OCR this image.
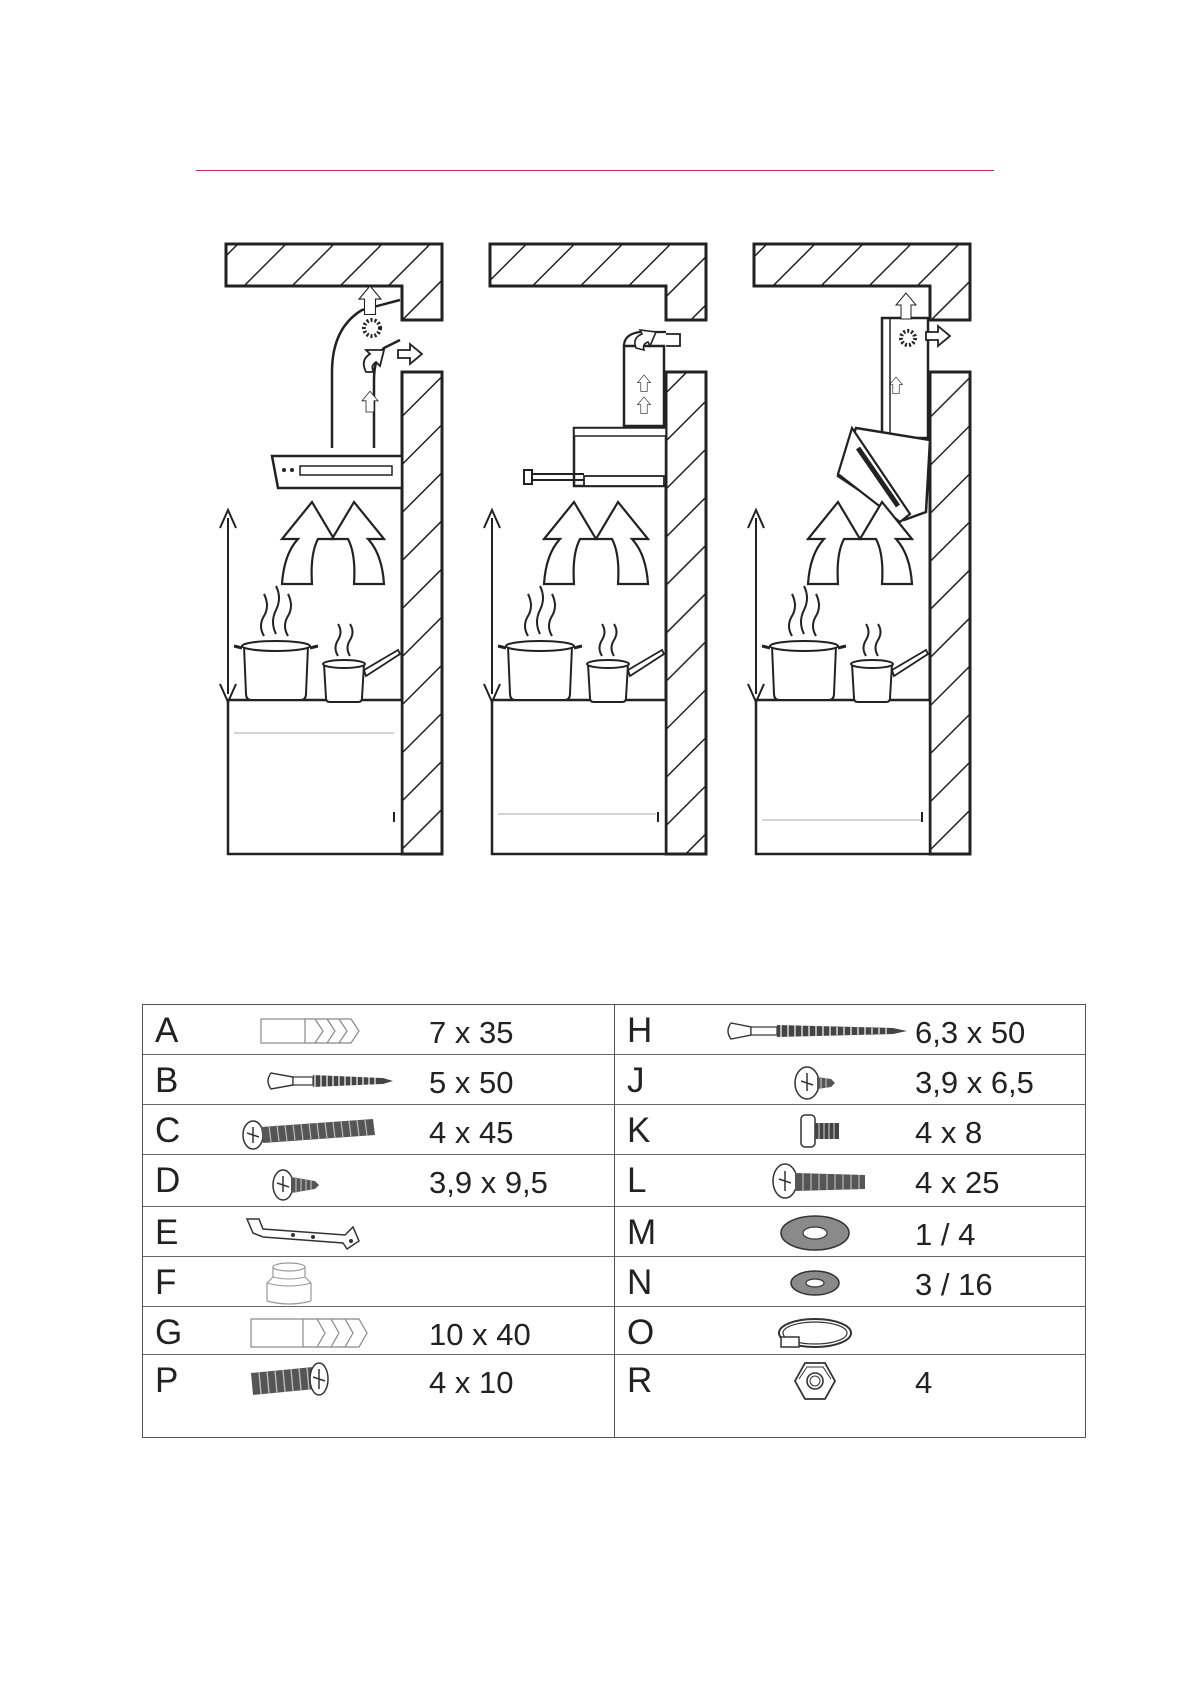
A	7 x 35
B	5 x 50
C	4 x 45
D	3,9 x 9,5
E
F
G	10 x 40
P	4 x 10
H	6,3 x 50
J	3,9 x 6,5
K	4 x 8
L	4 x 25
M	1 / 4
N	3 / 16
O
R	4
